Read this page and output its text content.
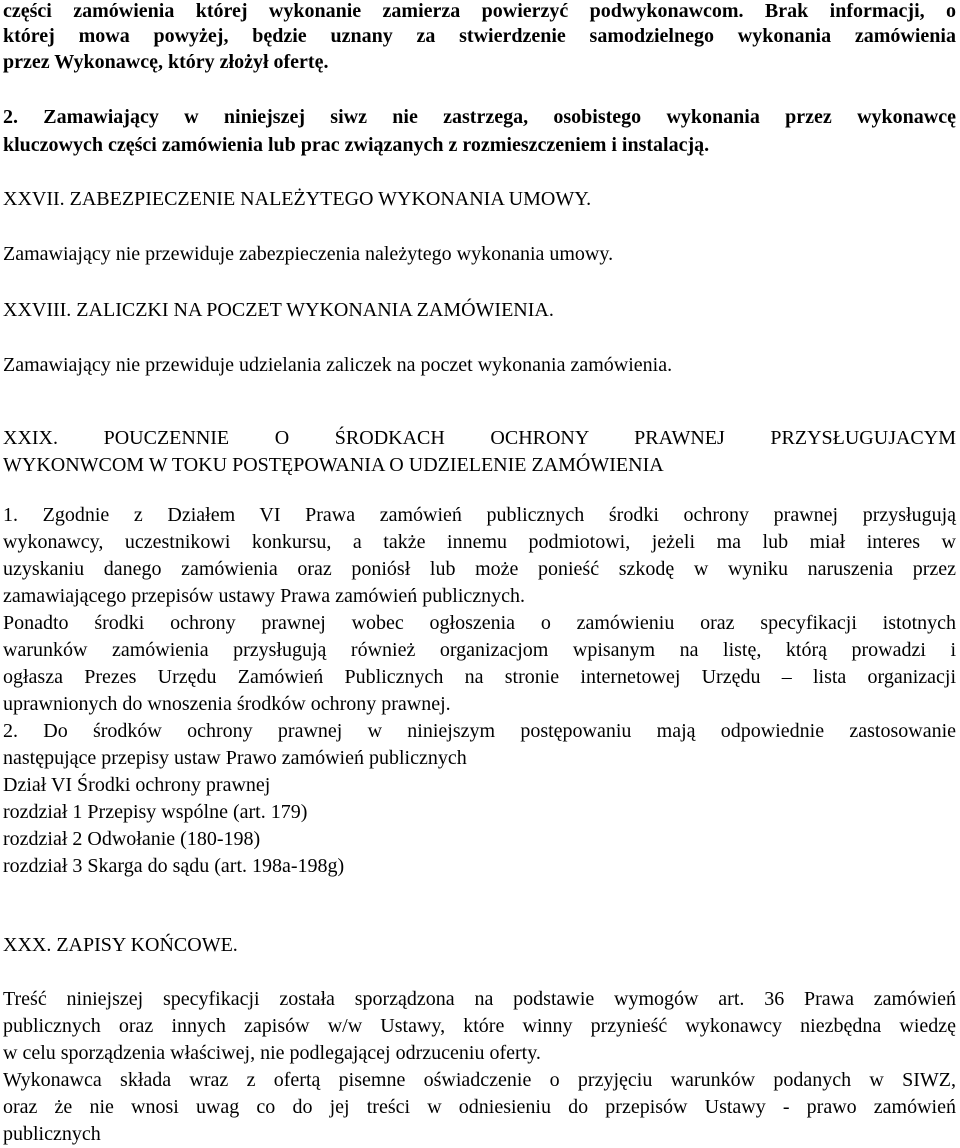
części zamówienia której wykonanie zamierza powierzyć podwykonawcom. Brak informacji, o

której mowa powyżej, będzie uznany za stwierdzenie samodzielnego wykonania zamówienia

przez Wykonawcę, który złożył ofertę.

2. Zamawiający w niniejszej siwz nie zastrzega, osobistego wykonania przez wykonawcę

kluczowych części zamówienia lub prac związanych z rozmieszczeniem i instalacją.

XXVII. ZABEZPIECZENIE NALEŻYTEGO WYKONANIA UMOWY.

Zamawiający nie przewiduje zabezpieczenia należytego wykonania umowy.

XXVIII. ZALICZKI NA POCZET WYKONANIA ZAMÓWIENIA.

Zamawiający nie przewiduje udzielania zaliczek na poczet wykonania zamówienia.

XXIX. POUCZENNIE O ŚRODKACH OCHRONY PRAWNEJ PRZYSŁUGUJACYM

WYKONWCOM W TOKU POSTĘPOWANIA O UDZIELENIE ZAMÓWIENIA

1. Zgodnie z Działem VI Prawa zamówień publicznych środki ochrony prawnej przysługują

wykonawcy, uczestnikowi konkursu, a także innemu podmiotowi, jeżeli ma lub miał interes w

uzyskaniu danego zamówienia oraz poniósł lub może ponieść szkodę w wyniku naruszenia przez

zamawiającego przepisów ustawy Prawa zamówień publicznych.

Ponadto środki ochrony prawnej wobec ogłoszenia o zamówieniu oraz specyfikacji istotnych

warunków zamówienia przysługują również organizacjom wpisanym na listę, którą prowadzi i

ogłasza Prezes Urzędu Zamówień Publicznych na stronie internetowej Urzędu – lista organizacji

uprawnionych do wnoszenia środków ochrony prawnej.

2. Do środków ochrony prawnej w niniejszym postępowaniu mają odpowiednie zastosowanie

następujące przepisy ustaw Prawo zamówień publicznych

Dział VI Środki ochrony prawnej

rozdział 1 Przepisy wspólne (art. 179)

rozdział 2 Odwołanie (180-198)

rozdział 3 Skarga do sądu (art. 198a-198g)

XXX. ZAPISY KOŃCOWE.

Treść niniejszej specyfikacji została sporządzona na podstawie wymogów art. 36 Prawa zamówień

publicznych oraz innych zapisów w/w Ustawy, które winny przynieść wykonawcy niezbędna wiedzę

w celu sporządzenia właściwej, nie podlegającej odrzuceniu oferty.

Wykonawca składa wraz z ofertą pisemne oświadczenie o przyjęciu warunków podanych w SIWZ,

oraz że nie wnosi uwag co do jej treści w odniesieniu do przepisów Ustawy - prawo zamówień

publicznych
